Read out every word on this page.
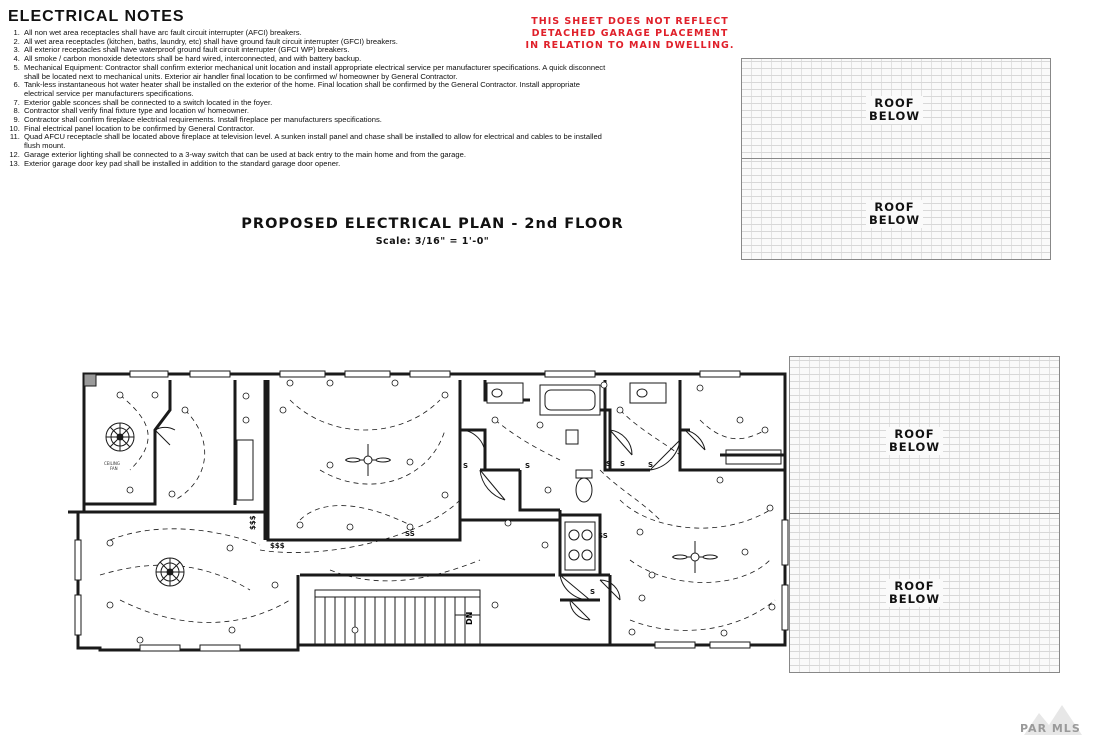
ELECTRICAL NOTES
1. All non wet area receptacles shall have arc fault circuit interrupter (AFCI) breakers.
2. All wet area receptacles (kitchen, baths, laundry, etc) shall have ground fault circuit interrupter (GFCI) breakers.
3. All exterior receptacles shall have waterproof ground fault circuit interrupter (GFCI WP) breakers.
4. All smoke / carbon monoxide detectors shall be hard wired, interconnected, and with battery backup.
5. Mechanical Equipment: Contractor shall confirm exterior mechanical unit location and install appropriate electrical service per manufacturer specifications. A quick disconnect shall be located next to mechanical units. Exterior air handler final location to be confirmed w/ homeowner by General Contractor.
6. Tank-less instantaneous hot water heater shall be installed on the exterior of the home. Final location shall be confirmed by the General Contractor. Install appropriate electrical service per manufacturers specifications.
7. Exterior gable sconces shall be connected to a switch located in the foyer.
8. Contractor shall verify final fixture type and location w/ homeowner.
9. Contractor shall confirm fireplace electrical requirements. Install fireplace per manufacturers specifications.
10. Final electrical panel location to be confirmed by General Contractor.
11. Quad AFCU receptacle shall be located above fireplace at television level. A sunken install panel and chase shall be installed to allow for electrical and cables to be installed flush mount.
12. Garage exterior lighting shall be connected to a 3-way switch that can be used at back entry to the main home and from the garage.
13. Exterior garage door key pad shall be installed in addition to the standard garage door opener.
THIS SHEET DOES NOT REFLECT
DETACHED GARAGE PLACEMENT
IN RELATION TO MAIN DWELLING.
PROPOSED ELECTRICAL PLAN - 2nd FLOOR
Scale: 3/16" = 1'-0"
ROOF
BELOW
ROOF
BELOW
ROOF
BELOW
ROOF
BELOW
DN
CEILING
FAN
$$$
$$$
SS
S	S	S S	S
SS
S
PAR MLS
